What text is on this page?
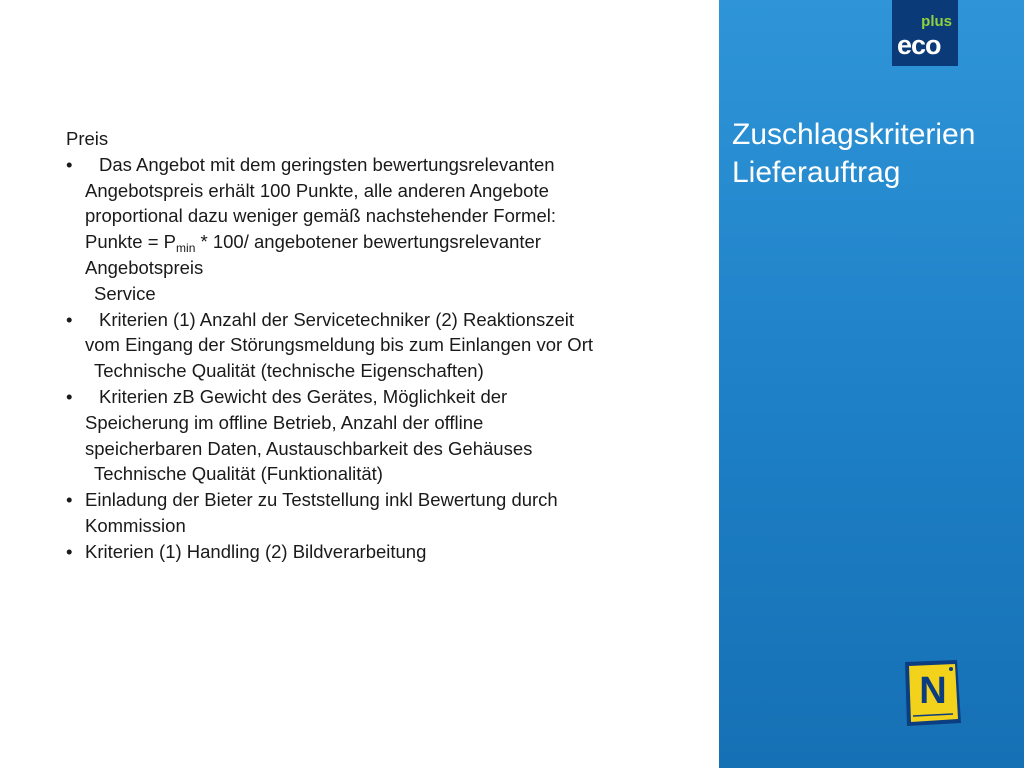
Preis

• Das Angebot mit dem geringsten bewertungsrelevanten

Angebotspreis erhält 100 Punkte, alle anderen Angebote

proportional dazu weniger gemäß nachstehender Formel:

Punkte = $P_{min} * 100/$ angebotener bewertungsrelevanter

Angebotspreis

Service

• Kriterien (1) Anzahl der Servicetechniker (2) Reaktionszeit

vom Eingang der Störungsmeldung bis zum Einlangen vor Ort

Technische Qualität (technische Eigenschaften)

• Kriterien zB Gewicht des Gerätes, Möglichkeit der

Speicherung im offline Betrieb, Anzahl der offline

speicherbaren Daten, Austauschbarkeit des Gehäuses

Technische Qualität (Funktionalität)

• Einladung der Bieter zu Teststellung inkl Bewertung durch

Kommission

• Kriterien (1) Handling (2) Bildverarbeitung

plus
eco
Zuschlagskriterien
Lieferauftrag
N
